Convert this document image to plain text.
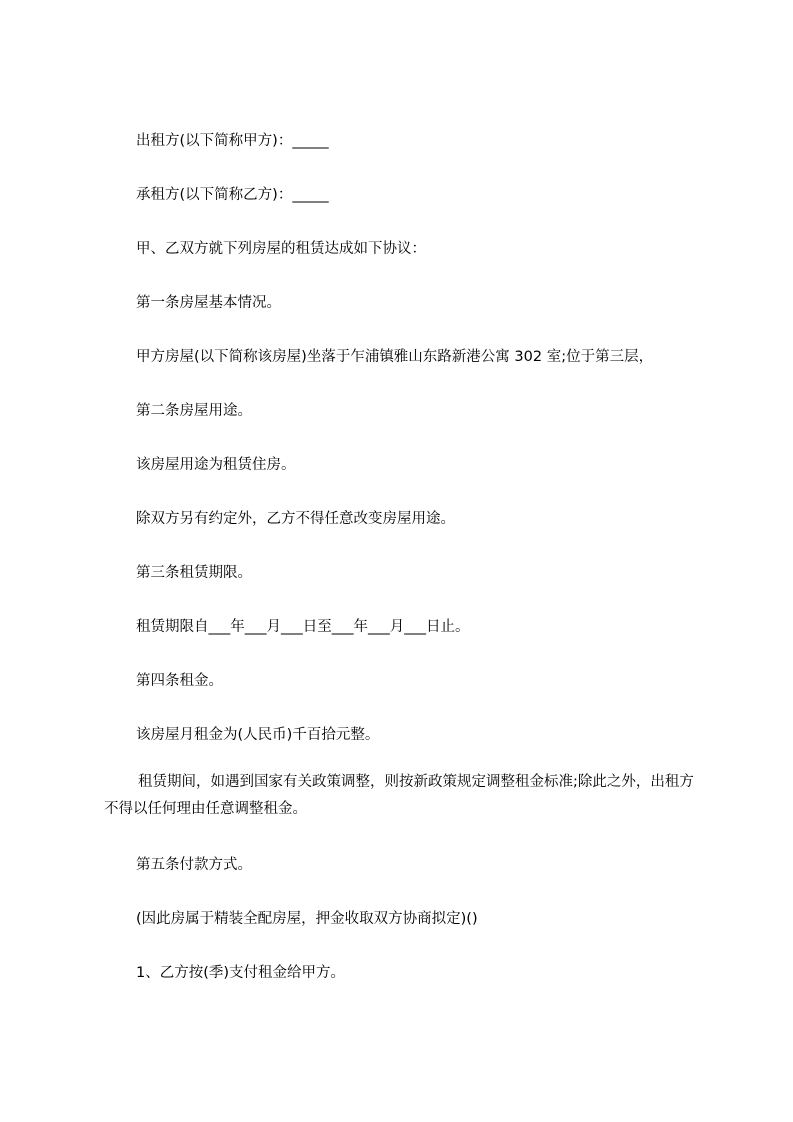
出租方(以下简称甲方)：_____
承租方(以下简称乙方)：_____
甲、乙双方就下列房屋的租赁达成如下协议：
第一条房屋基本情况。
甲方房屋(以下简称该房屋)坐落于乍浦镇雅山东路新港公寓 302 室;位于第三层，
第二条房屋用途。
该房屋用途为租赁住房。
除双方另有约定外，乙方不得任意改变房屋用途。
第三条租赁期限。
租赁期限自___年___月___日至___年___月___日止。
第四条租金。
该房屋月租金为(人民币)千百拾元整。
租赁期间，如遇到国家有关政策调整，则按新政策规定调整租金标准;除此之外，出租方不得以任何理由任意调整租金。
第五条付款方式。
(因此房属于精装全配房屋，押金收取双方协商拟定)()
1、乙方按(季)支付租金给甲方。
